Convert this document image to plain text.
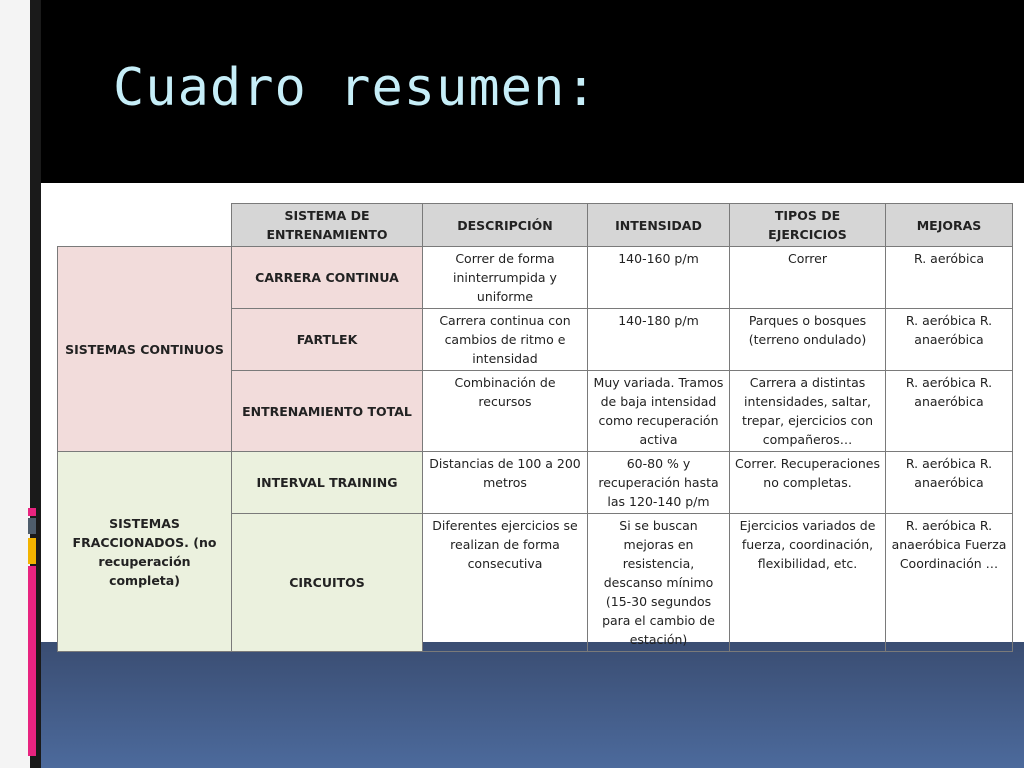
Cuadro resumen:
	SISTEMA DE ENTRENAMIENTO	DESCRIPCIÓN	INTENSIDAD	TIPOS DE EJERCICIOS	MEJORAS
SISTEMAS CONTINUOS	CARRERA CONTINUA	Correr de forma ininterrumpida y uniforme	140-160 p/m	Correr	R. aeróbica
	FARTLEK	Carrera continua con cambios de ritmo e intensidad	140-180 p/m	Parques o bosques (terreno ondulado)	R. aeróbica R. anaeróbica
	ENTRENAMIENTO TOTAL	Combinación de recursos	Muy variada. Tramos de baja intensidad como recuperación activa	Carrera a distintas intensidades, saltar, trepar, ejercicios con compañeros…	R. aeróbica R. anaeróbica
SISTEMAS FRACCIONADOS. (no recuperación completa)	INTERVAL TRAINING	Distancias de 100 a 200 metros	60-80 % y recuperación hasta las 120-140 p/m	Correr. Recuperaciones no completas.	R. aeróbica R. anaeróbica
	CIRCUITOS	Diferentes ejercicios se realizan de forma consecutiva	Si se buscan mejoras en resistencia, descanso mínimo (15-30 segundos para el cambio de estación)	Ejercicios variados de fuerza, coordinación, flexibilidad, etc.	R. aeróbica R. anaeróbica Fuerza Coordinación …
